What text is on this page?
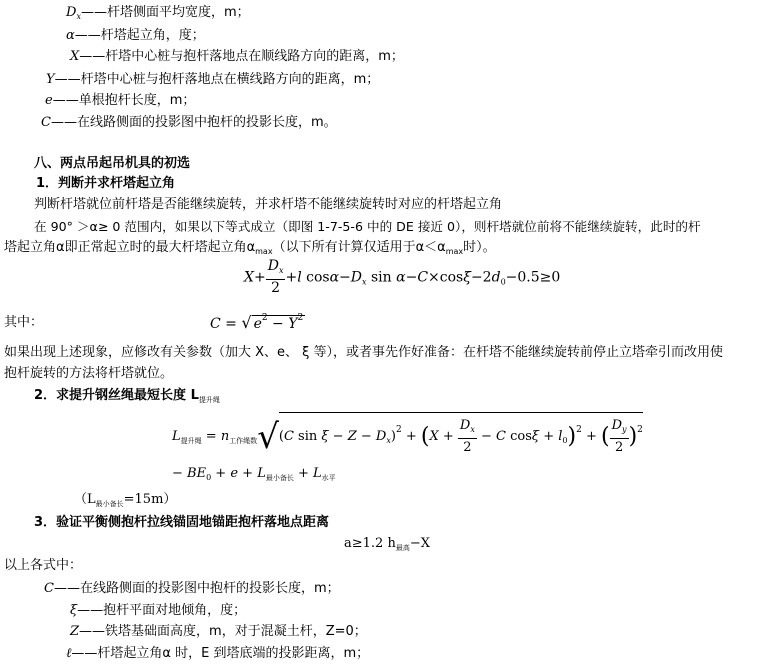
$D_x——$杆塔侧面平均宽度，m；
α——杆塔起立角，度；
X——杆塔中心桩与抱杆落地点在顺线路方向的距离，m；
Y——杆塔中心桩与抱杆落地点在横线路方向的距离，m；
e——单根抱杆长度，m；
C——在线路侧面的投影图中抱杆的投影长度，m。
八、两点吊起吊机具的初选
1．判断并求杆塔起立角
判断杆塔就位前杆塔是否能继续旋转，并求杆塔不能继续旋转时对应的杆塔起立角
在 90° ＞α≥ 0 范围内，如果以下等式成立（即图 1-7-5-6 中的 DE 接近 0），则杆塔就位前将不能继续旋转，此时的杆
塔起立角α即正常起立时的最大杆塔起立角$\alpha_{max}$（以下所有计算仅适用于$\alpha<\alpha_{max}$时）。
$X+ \frac{D_x}{2} +l$ $\cos\alpha-D_x$ $\sin \alpha-C\times\cos\xi-2d_0-0.5\ge 0$
其中：	C = √ $e^2 - Y^2$
如果出现上述现象，应修改有关参数（加大 X、e、 ξ 等），或者事先作好准备：在杆塔不能继续旋转前停止立塔牵引而改用使
抱杆旋转的方法将杆塔就位。
2．求提升钢丝绳最短长度 $L_{提升绳}$
$L_{提升绳} = n_{工作绳数}√(C$ $\sin \xi - Z - D_x)^2 + (X + \frac{D_x}{2} - C$ $\cos\xi + l_0)^2$ + ( $\frac{D_y}{2} )^2$
− $BE_0 + e + L_{最小备长} + L_{水平}$
$(L_{最小备长}=15m)$
3．验证平衡侧抱杆拉线锚固地锚距抱杆落地点距离
a≥1.2 $h_{最高}-X$
以上各式中：
C——在线路侧面的投影图中抱杆的投影长度，m；
ξ——抱杆平面对地倾角，度；
Z——铁塔基础面高度，m，对于混凝土杆，Z=0；
ℓ——杆塔起立角α 时，E 到塔底端的投影距离，m；
